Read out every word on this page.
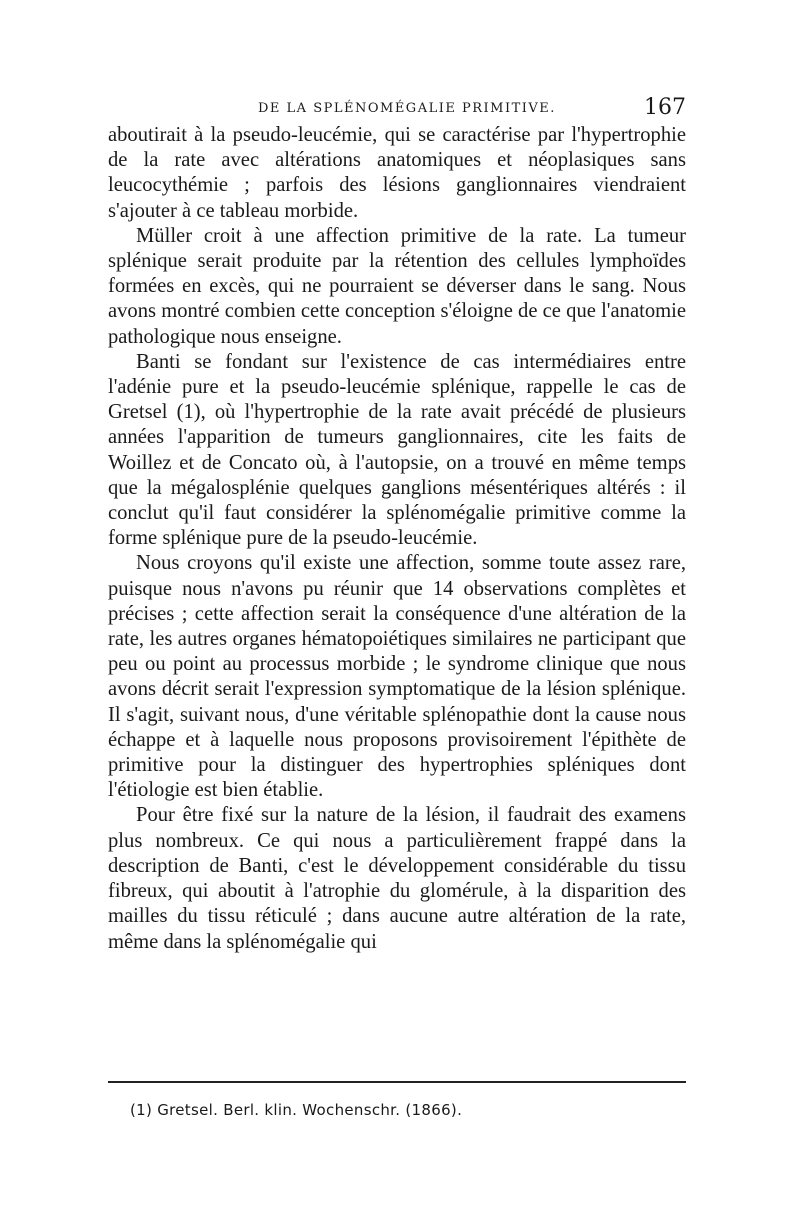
DE LA SPLÉNOMÉGALIE PRIMITIVE.	167

aboutirait à la pseudo-leucémie, qui se caractérise par l'hypertrophie de la rate avec altérations anatomiques et néoplasiques sans leucocythémie ; parfois des lésions ganglionnaires viendraient s'ajouter à ce tableau morbide.

Müller croit à une affection primitive de la rate. La tumeur splénique serait produite par la rétention des cellules lymphoïdes formées en excès, qui ne pourraient se déverser dans le sang. Nous avons montré combien cette conception s'éloigne de ce que l'anatomie pathologique nous enseigne.

Banti se fondant sur l'existence de cas intermédiaires entre l'adénie pure et la pseudo-leucémie splénique, rappelle le cas de Gretsel (1), où l'hypertrophie de la rate avait précédé de plusieurs années l'apparition de tumeurs ganglionnaires, cite les faits de Woillez et de Concato où, à l'autopsie, on a trouvé en même temps que la mégalosplénie quelques ganglions mésentériques altérés : il conclut qu'il faut considérer la splénomégalie primitive comme la forme splénique pure de la pseudo-leucémie.

Nous croyons qu'il existe une affection, somme toute assez rare, puisque nous n'avons pu réunir que 14 observations complètes et précises ; cette affection serait la conséquence d'une altération de la rate, les autres organes hématopoiétiques similaires ne participant que peu ou point au processus morbide ; le syndrome clinique que nous avons décrit serait l'expression symptomatique de la lésion splénique. Il s'agit, suivant nous, d'une véritable splénopathie dont la cause nous échappe et à laquelle nous proposons provisoirement l'épithète de primitive pour la distinguer des hypertrophies spléniques dont l'étiologie est bien établie.

Pour être fixé sur la nature de la lésion, il faudrait des examens plus nombreux. Ce qui nous a particulièrement frappé dans la description de Banti, c'est le développement considérable du tissu fibreux, qui aboutit à l'atrophie du glomérule, à la disparition des mailles du tissu réticulé ; dans aucune autre altération de la rate, même dans la splénomégalie qui

(1) Gretsel. Berl. klin. Wochenschr. (1866).
